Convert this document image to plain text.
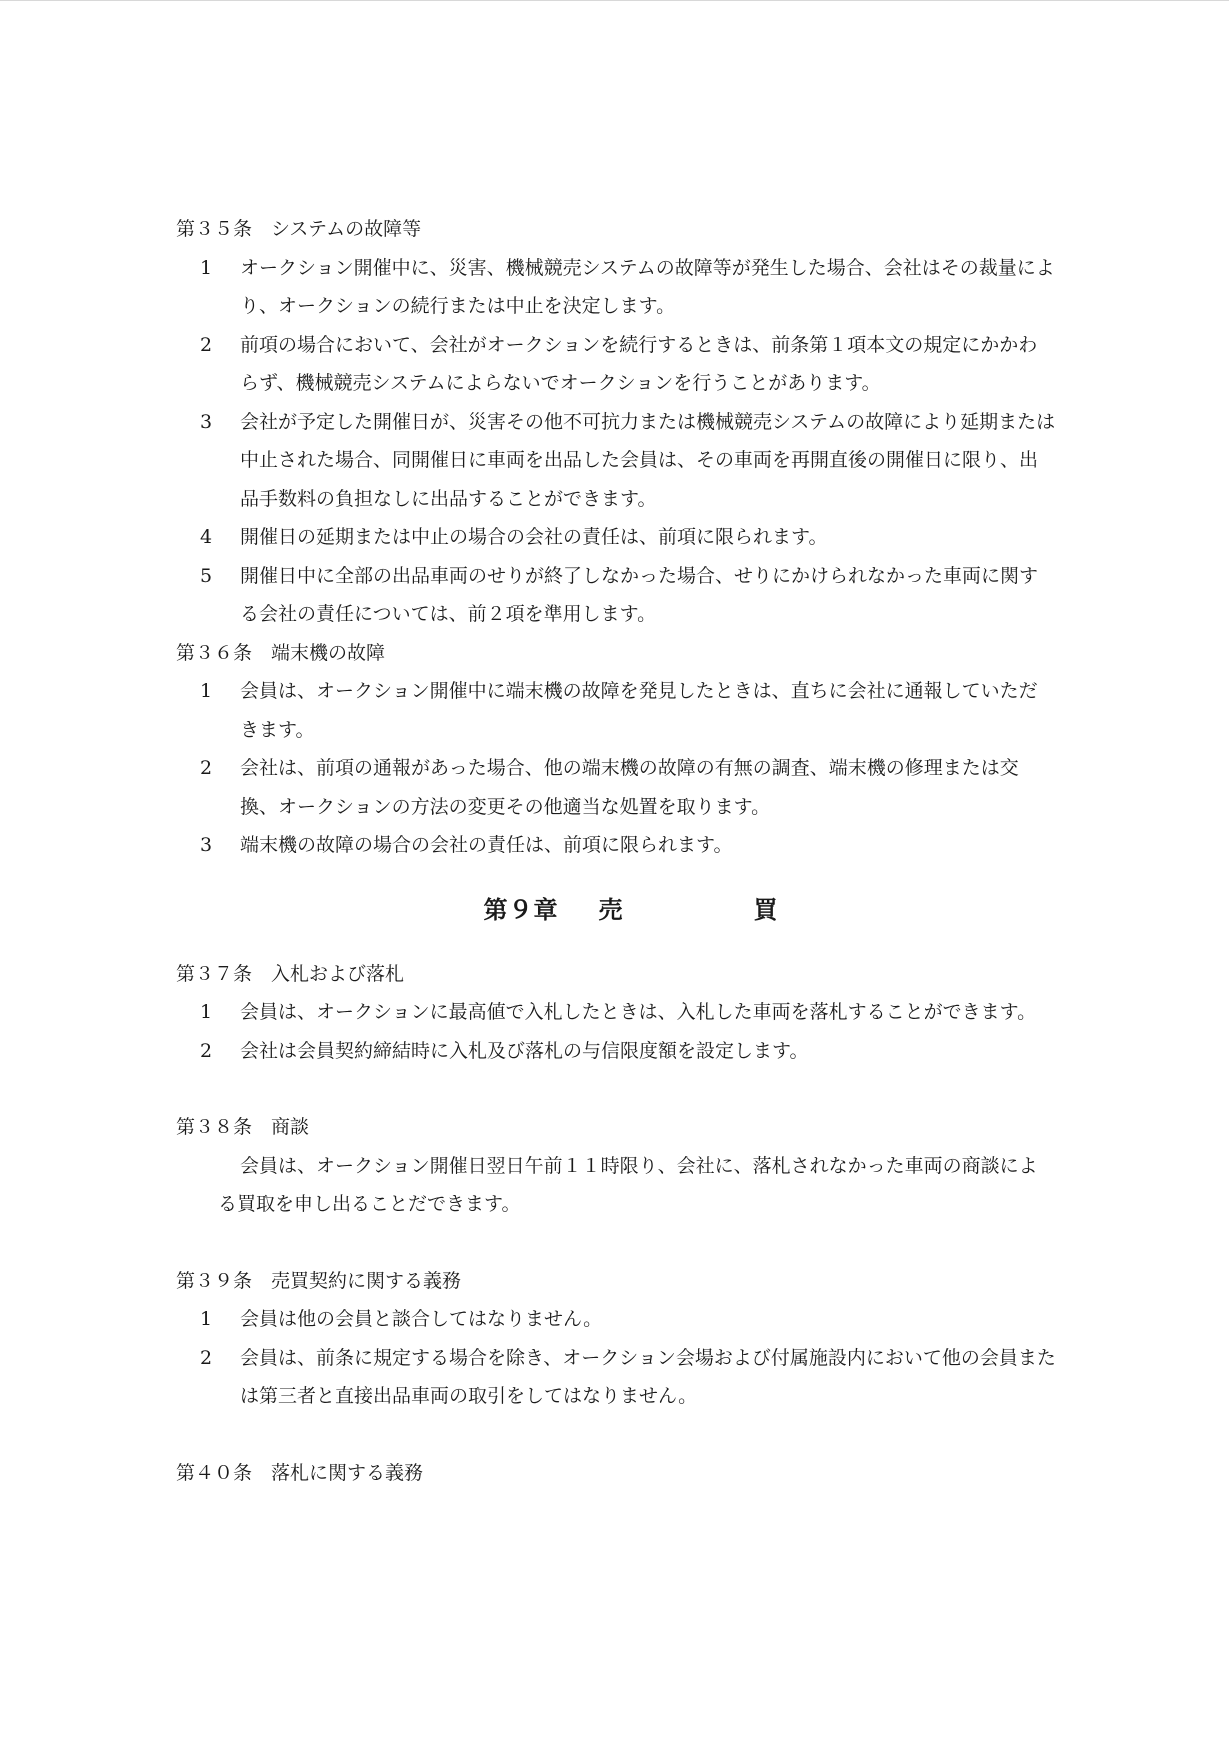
第３５条　システムの故障等

1 オークション開催中に、災害、機械競売システムの故障等が発生した場合、会社はその裁量により、オークションの続行または中止を決定します。
2 前項の場合において、会社がオークションを続行するときは、前条第１項本文の規定にかかわらず、機械競売システムによらないでオークションを行うことがあります。
3 会社が予定した開催日が、災害その他不可抗力または機械競売システムの故障により延期または中止された場合、同開催日に車両を出品した会員は、その車両を再開直後の開催日に限り、出品手数料の負担なしに出品することができます。
4 開催日の延期または中止の場合の会社の責任は、前項に限られます。
5 開催日中に全部の出品車両のせりが終了しなかった場合、せりにかけられなかった車両に関する会社の責任については、前２項を準用します。

第３６条　端末機の故障

1 会員は、オークション開催中に端末機の故障を発見したときは、直ちに会社に通報していただきます。
2 会社は、前項の通報があった場合、他の端末機の故障の有無の調査、端末機の修理または交換、オークションの方法の変更その他適当な処置を取ります。
3 端末機の故障の場合の会社の責任は、前項に限られます。
第９章 売	買

第３７条　入札および落札

1	会員は、オークションに最高値で入札したときは、入札した車両を落札することができます。
2 会社は会員契約締結時に入札及び落札の与信限度額を設定します。

第３８条　商談

会員は、オークション開催日翌日午前１１時限り、会社に、落札されなかった車両の商談による買取を申し出ることだできます。

第３９条　売買契約に関する義務

1 会員は他の会員と談合してはなりません。
2 会員は、前条に規定する場合を除き、オークション会場および付属施設内において他の会員または第三者と直接出品車両の取引をしてはなりません。

第４０条　落札に関する義務
